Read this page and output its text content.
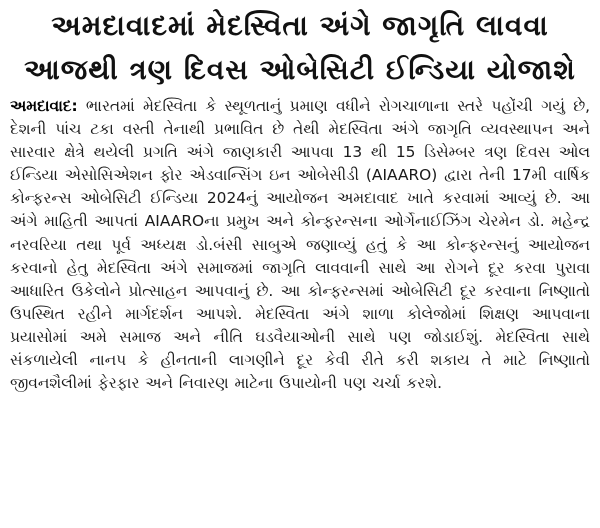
અમદાવાદમાં મેદસ્વિતા અંગે જાગૃતિ લાવવા
આજથી ત્રણ દિવસ ઓબેસિટી ઈન્ડિયા યોજાશે

અમદાવાદ: ભારતમાં મેદસ્વિતા કે સ્થૂળતાનું પ્રમાણ વધીને રોગચાળાના સ્તરે પહોંચી ગયું છે, દેશની પાંચ ટકા વસ્તી તેનાથી પ્રભાવિત છે તેથી મેદસ્વિતા અંગે જાગૃતિ વ્યવસ્થાપન અને સારવાર ક્ષેત્રે થયેલી પ્રગતિ અંગે જાણકારી આપવા 13 થી 15 ડિસેમ્બર ત્રણ દિવસ ઓલ ઈન્ડિયા એસોસિએશન ફોર એડવાન્સિંગ ઇન ઓબેસીડી (AIAARO) દ્વારા તેની 17મી વાર્ષિક કોન્ફરન્સ ઓબેસિટી ઈન્ડિયા 2024નું આયોજન અમદાવાદ ખાતે કરવામાં આવ્યું છે. આ અંગે માહિતી આપતાં AIAAROના પ્રમુખ અને કોન્ફરન્સના ઓર્ગેનાઈઝિંગ ચેરમેન ડો. મહેન્દ્ર નરવરિયા તથા પૂર્વ અધ્યક્ષ ડો.બંસી સાબુએ જણાવ્યું હતું કે આ કોન્ફરન્સનું આયોજન કરવાનો હેતુ મેદસ્વિતા અંગે સમાજમાં જાગૃતિ લાવવાની સાથે આ રોગને દૂર કરવા પુરાવા આધારિત ઉકેલોને પ્રોત્સાહન આપવાનું છે. આ કોન્ફરન્સમાં ઓબેસિટી દૂર કરવાના નિષ્ણાતો ઉપસ્થિત રહીને માર્ગદર્શન આપશે. મેદસ્વિતા અંગે શાળા કોલેજોમાં શિક્ષણ આપવાના પ્રયાસોમાં અમે સમાજ અને નીતિ ઘડવૈયાઓની સાથે પણ જોડાઈશું. મેદસ્વિતા સાથે સંકળાયેલી નાનપ કે હીનતાની લાગણીને દૂર કેવી રીતે કરી શકાય તે માટે નિષ્ણાતો જીવનશૈલીમાં ફેરફાર અને નિવારણ માટેના ઉપાયોની પણ ચર્ચા કરશે.
